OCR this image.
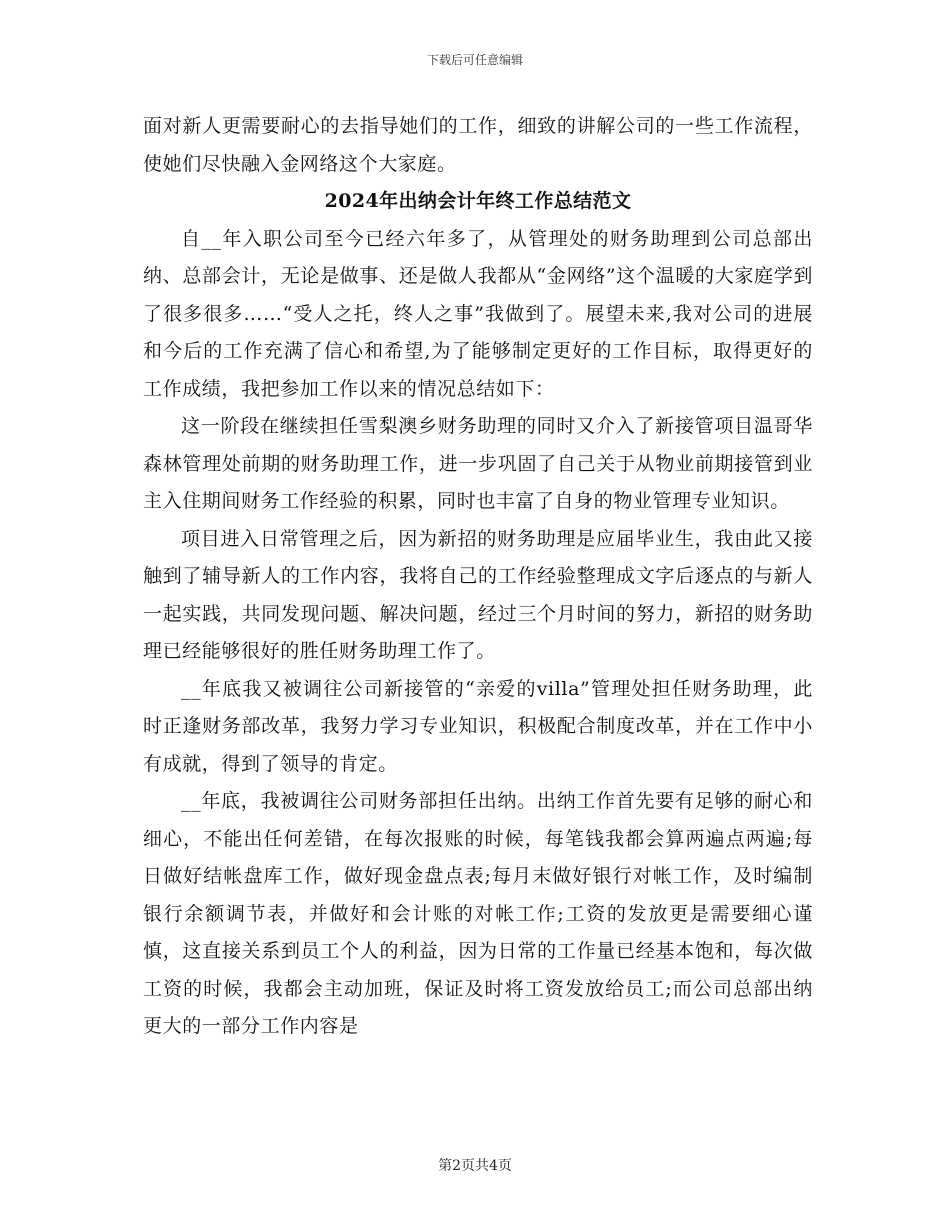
下载后可任意编辑

面对新人更需要耐心的去指导她们的工作，细致的讲解公司的一些工作流程，使她们尽快融入金网络这个大家庭。

2024年出纳会计年终工作总结范文

自__年入职公司至今已经六年多了，从管理处的财务助理到公司总部出纳、总部会计，无论是做事、还是做人我都从“金网络”这个温暖的大家庭学到了很多很多……“受人之托，终人之事”我做到了。展望未来,我对公司的进展和今后的工作充满了信心和希望,为了能够制定更好的工作目标，取得更好的工作成绩，我把参加工作以来的情况总结如下：

这一阶段在继续担任雪梨澳乡财务助理的同时又介入了新接管项目温哥华森林管理处前期的财务助理工作，进一步巩固了自己关于从物业前期接管到业主入住期间财务工作经验的积累，同时也丰富了自身的物业管理专业知识。

项目进入日常管理之后，因为新招的财务助理是应届毕业生，我由此又接触到了辅导新人的工作内容，我将自己的工作经验整理成文字后逐点的与新人一起实践，共同发现问题、解决问题，经过三个月时间的努力，新招的财务助理已经能够很好的胜任财务助理工作了。

__年底我又被调往公司新接管的“亲爱的villa”管理处担任财务助理，此时正逢财务部改革，我努力学习专业知识，积极配合制度改革，并在工作中小有成就，得到了领导的肯定。

__年底，我被调往公司财务部担任出纳。出纳工作首先要有足够的耐心和细心，不能出任何差错，在每次报账的时候，每笔钱我都会算两遍点两遍;每日做好结帐盘库工作，做好现金盘点表;每月末做好银行对帐工作，及时编制银行余额调节表，并做好和会计账的对帐工作;工资的发放更是需要细心谨慎，这直接关系到员工个人的利益，因为日常的工作量已经基本饱和，每次做工资的时候，我都会主动加班，保证及时将工资发放给员工;而公司总部出纳更大的一部分工作内容是

第2页共4页
